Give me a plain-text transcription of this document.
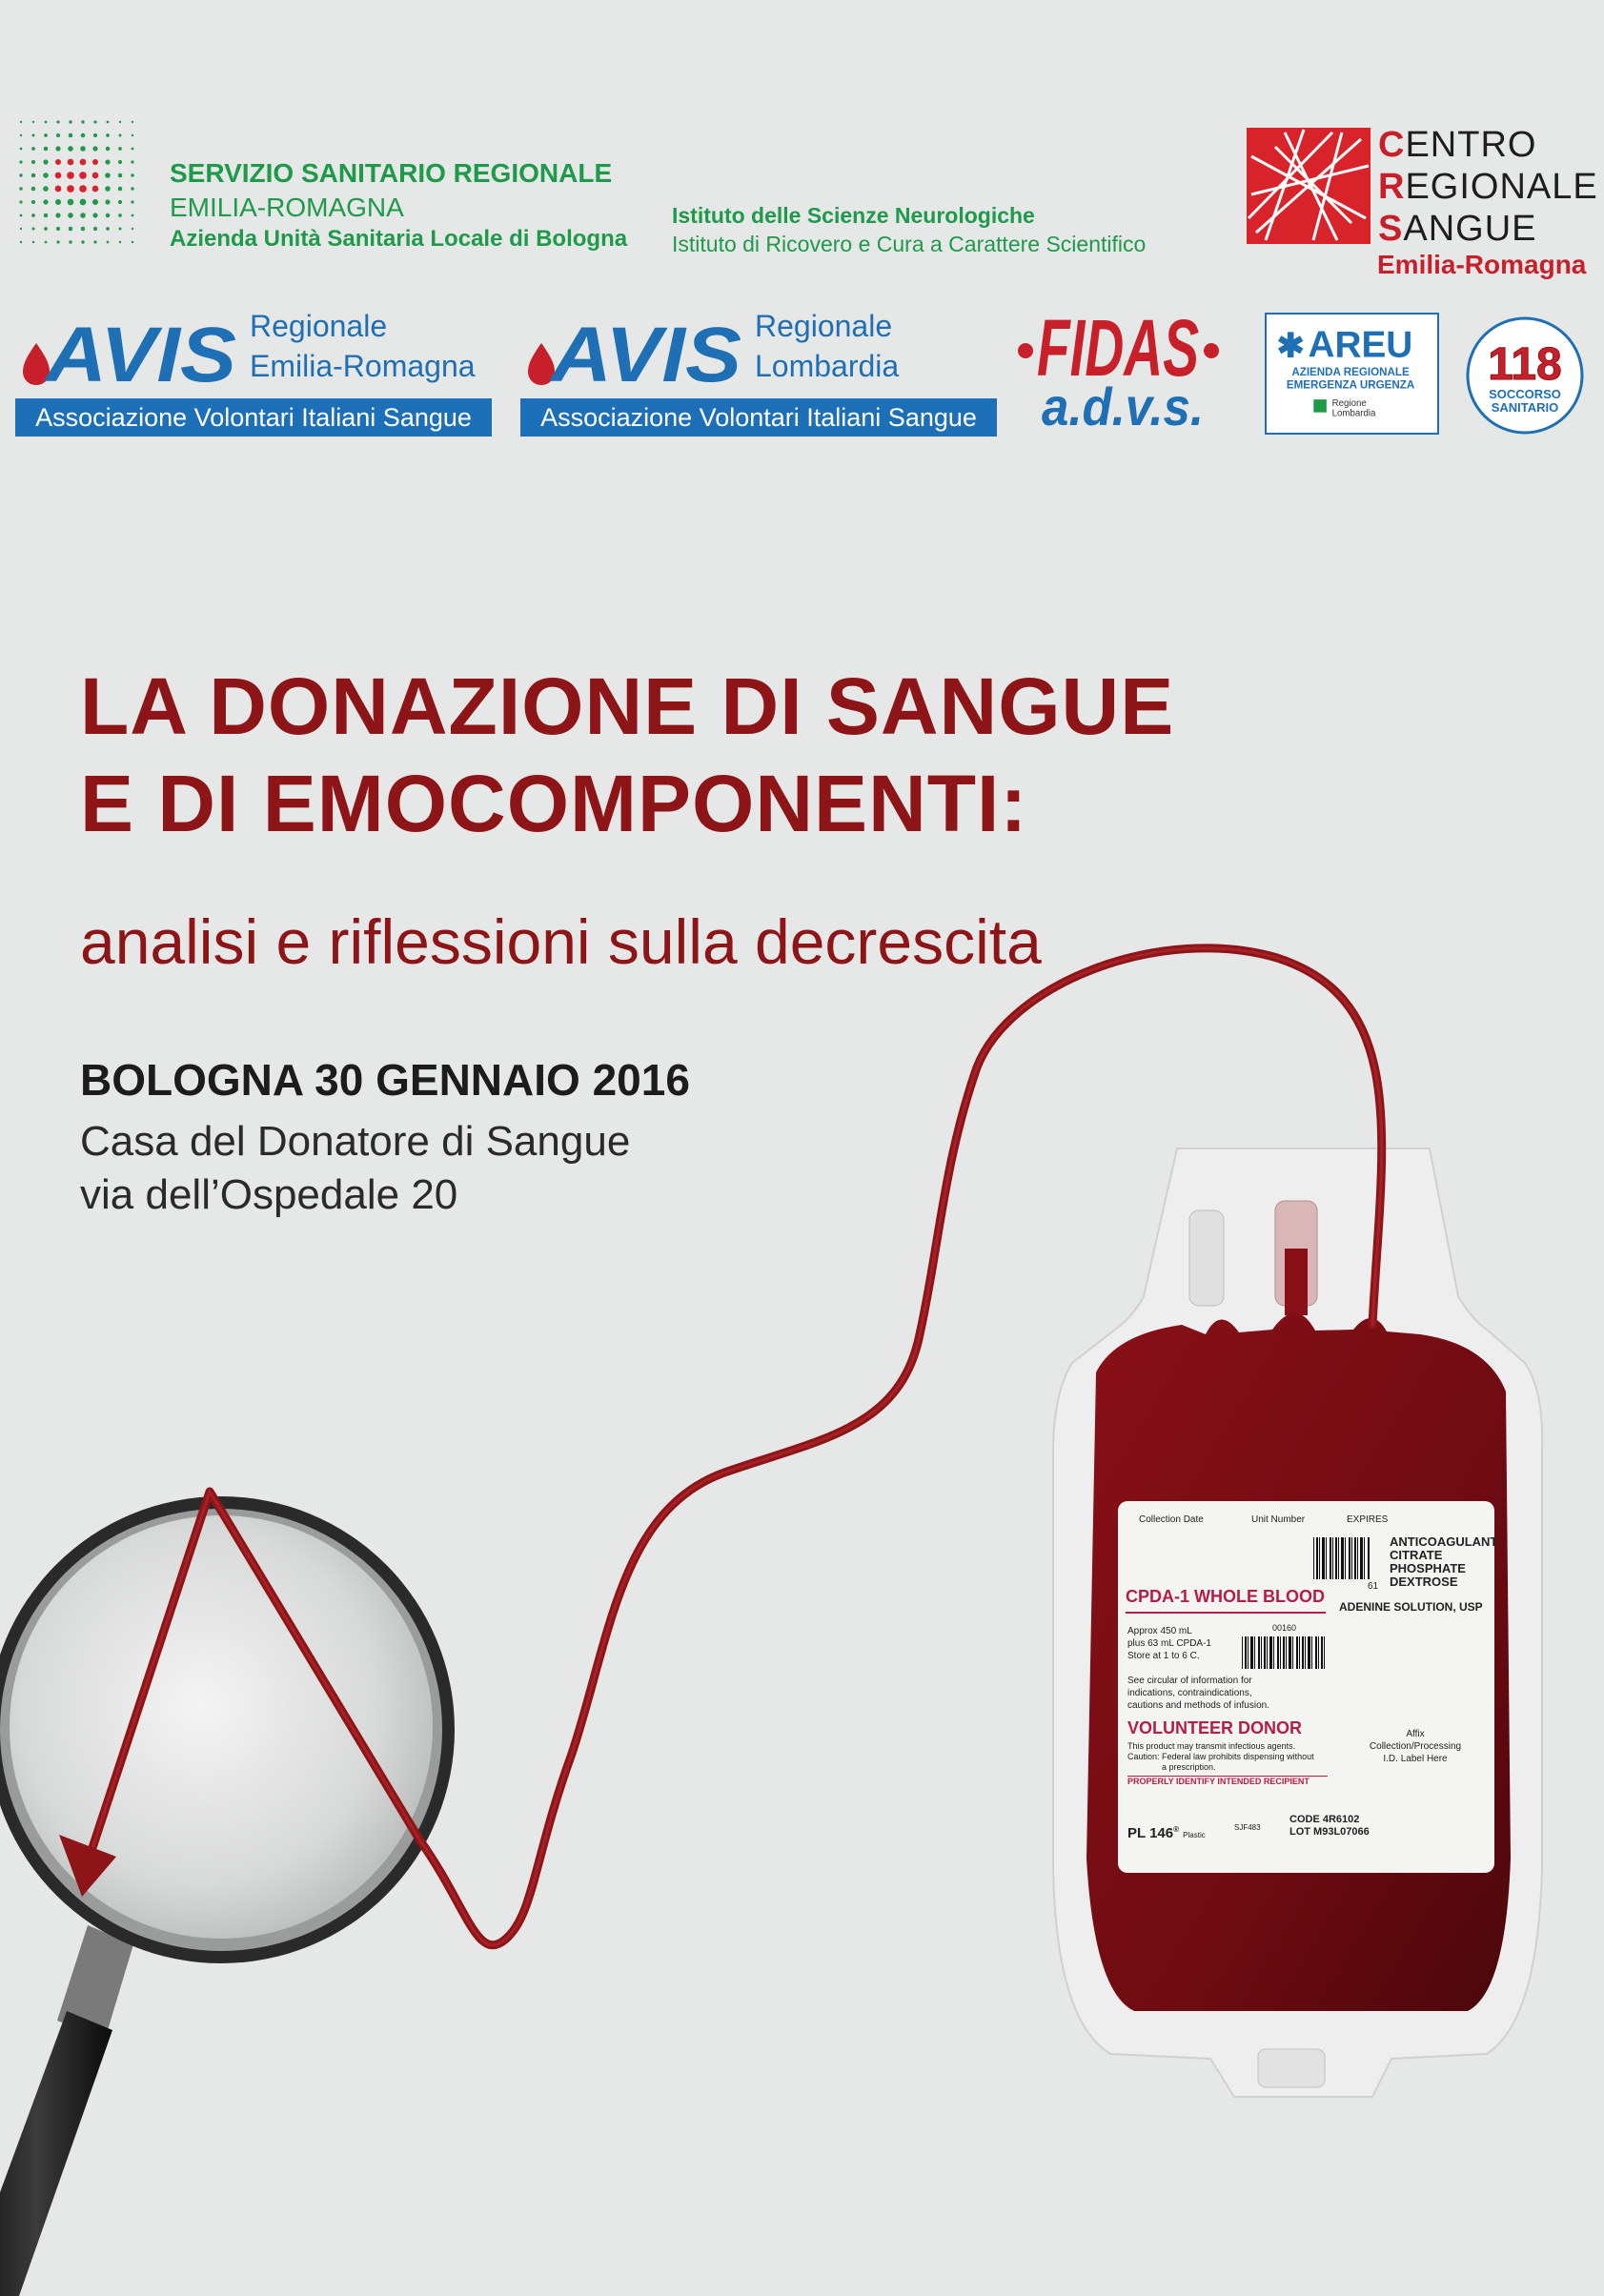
SERVIZIO SANITARIO REGIONALE
EMILIA-ROMAGNA
Azienda Unità Sanitaria Locale di Bologna
Istituto delle Scienze Neurologiche
Istituto di Ricovero e Cura a Carattere Scientifico
CENTRO
REGIONALE
SANGUE
Emilia-Romagna
AVIS Regionale
Emilia-Romagna
Associazione Volontari Italiani Sangue
AVIS Regionale
Lombardia
Associazione Volontari Italiani Sangue
FIDAS
a.d.v.s.
✱ AREU
AZIENDA REGIONALE
EMERGENZA URGENZA
Regione
Lombardia
118
SOCCORSO
SANITARIO
Collection Date	Unit Number	EXPIRES
ANTICOAGULANT
CITRATE
PHOSPHATE
DEXTROSE
ADENINE SOLUTION, USP
61
CPDA-1 WHOLE BLOOD
Approx 450 mL
plus 63 mL CPDA-1
Store at 1 to 6 C.
00160
See circular of information for
indications, contraindications,
cautions and methods of infusion.
VOLUNTEER DONOR
This product may transmit infectious agents.
Caution: Federal law prohibits dispensing without
a prescription.
PROPERLY IDENTIFY INTENDED RECIPIENT
Affix
Collection/Processing
I.D. Label Here
CODE 4R6102
LOT M93L07066
PL 146® Plastic
SJF483
LA DONAZIONE DI SANGUE
E DI EMOCOMPONENTI:
analisi e riflessioni sulla decrescita
BOLOGNA 30 GENNAIO 2016
Casa del Donatore di Sangue
via dell’Ospedale 20
